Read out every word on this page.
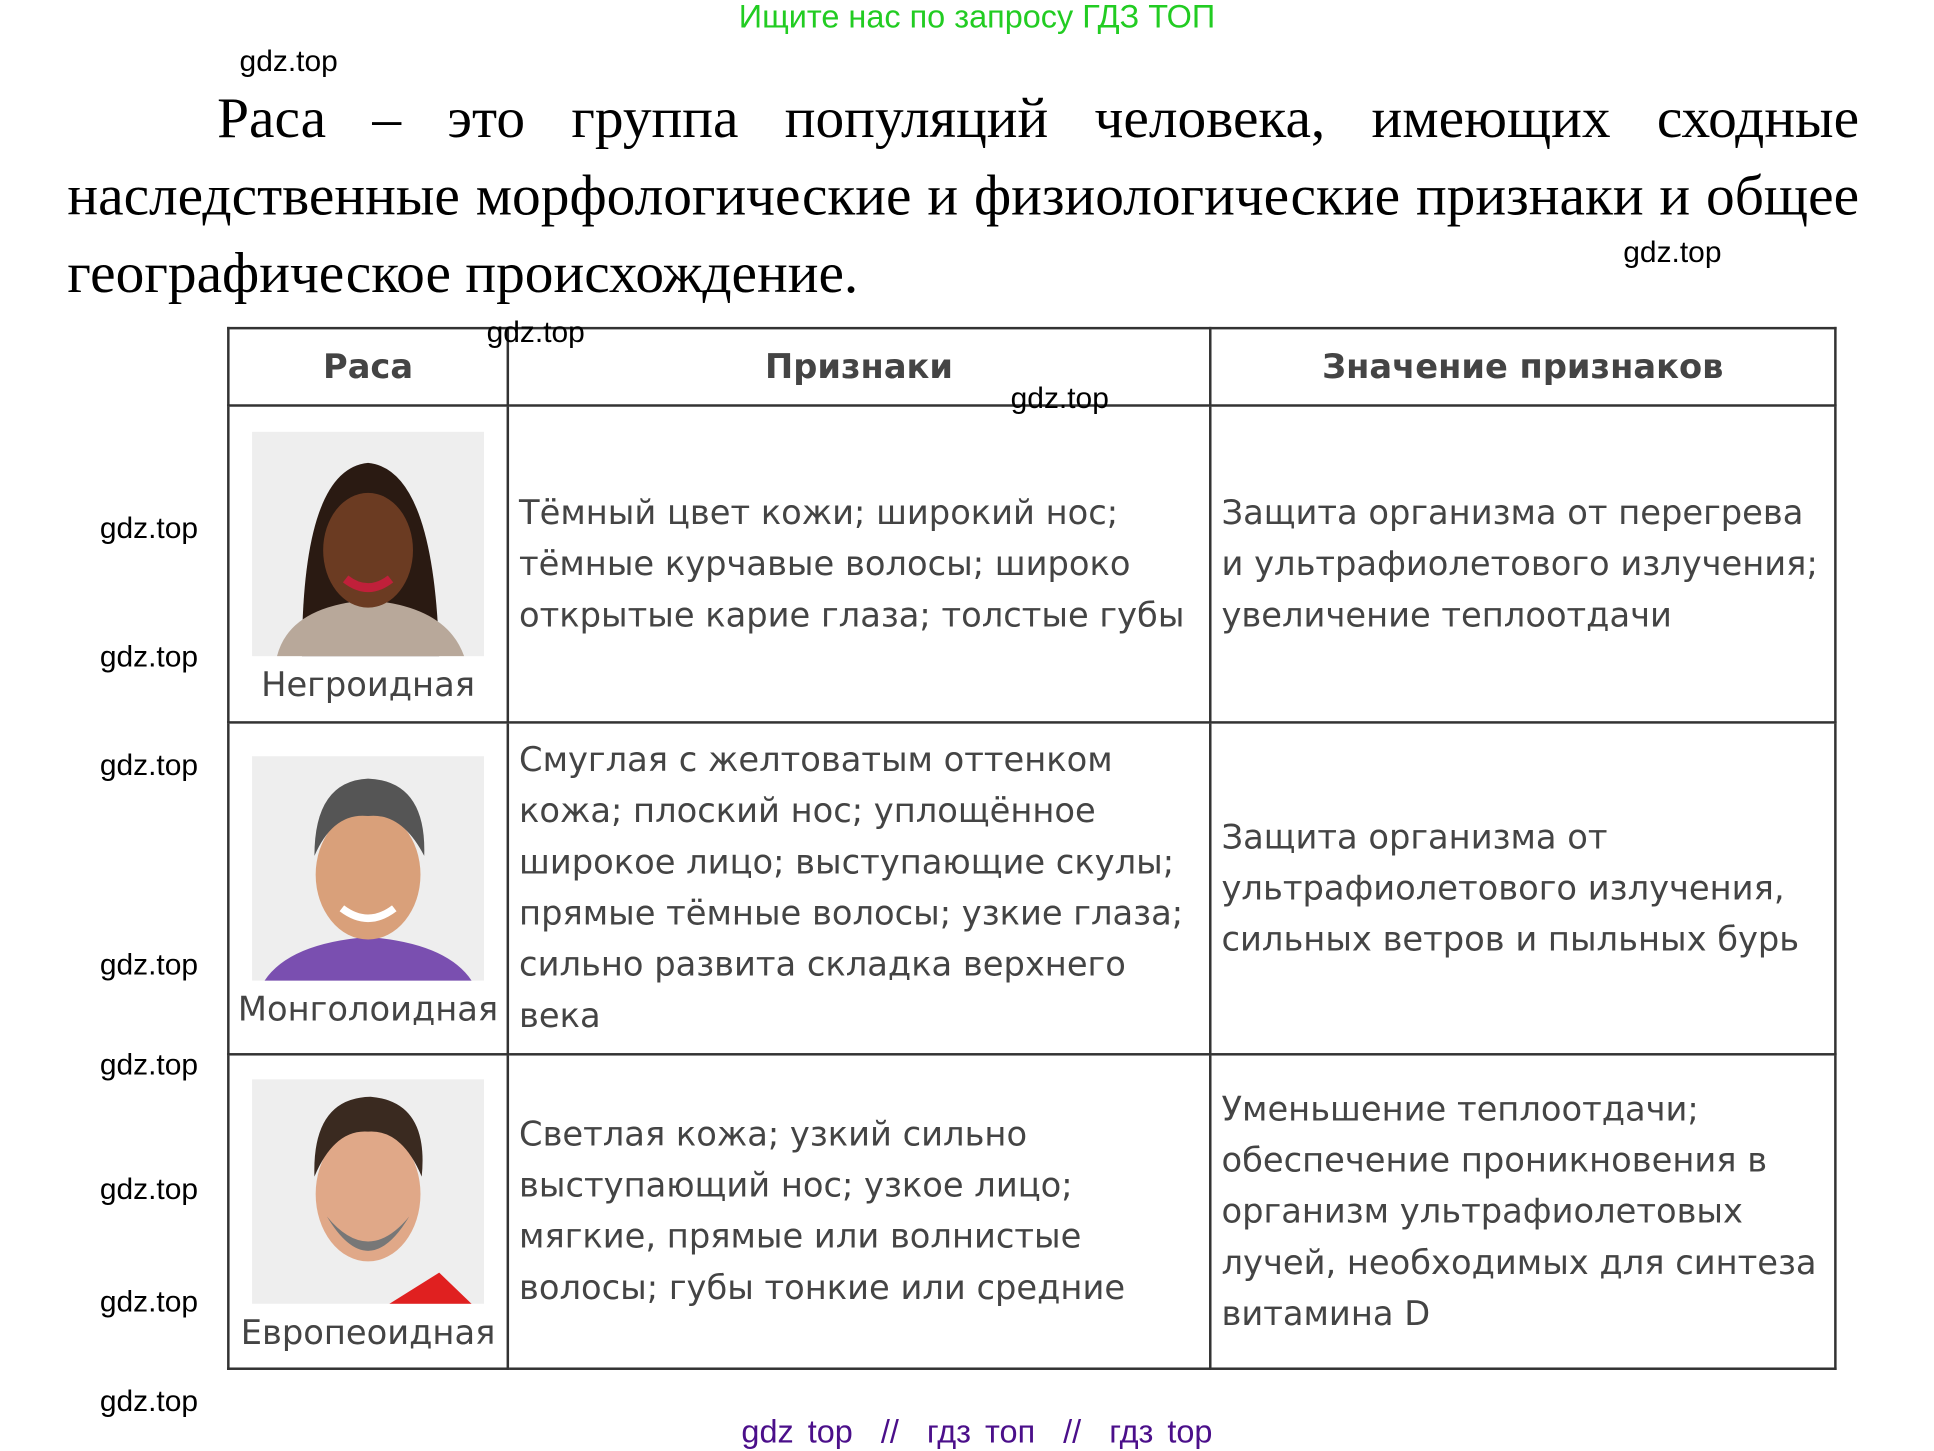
Ищите нас по запросу ГДЗ ТОП
Раса – это группа популяций человека, имеющих сходные наследственные морфологические и физиологические признаки и общее географическое происхождение.
Раса	Признаки	Значение признаков

Негроидная	Тёмный цвет кожи; широкий нос; тёмные курчавые волосы; широко открытые карие глаза; толстые губы	Защита организма от перегрева и ультрафиолетового излучения; увеличение теплоотдачи

Монголоидная	Смуглая с желтоватым оттенком кожа; плоский нос; уплощённое широкое лицо; выступающие скулы; прямые тёмные волосы; узкие глаза; сильно развита складка верхнего века	Защита организма от ультрафиолетового излучения, сильных ветров и пыльных бурь

Европеоидная	Светлая кожа; узкий сильно выступающий нос; узкое лицо; мягкие, прямые или волнистые волосы; губы тонкие или средние	Уменьшение теплоотдачи; обеспечение проникновения в организм ультрафиолетовых лучей, необходимых для синтеза витамина D
gdz.top
gdz.top
gdz.top
gdz.top
gdz.top
gdz.top
gdz.top
gdz.top
gdz.top
gdz.top
gdz.top
gdz.top
gdz top  //  гдз топ  //  гдз top
